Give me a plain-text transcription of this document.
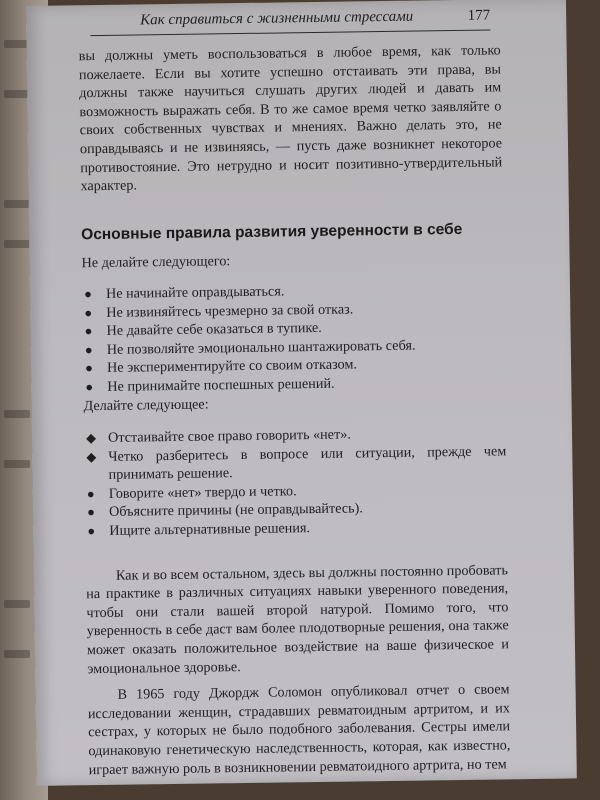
Как справиться с жизненными стрессами	177

вы должны уметь воспользоваться в любое время, как только пожелаете. Если вы хотите успешно отстаивать эти права, вы должны также научиться слушать других людей и давать им возможность выражать себя. В то же самое время четко заявляйте о своих собственных чувствах и мнениях. Важно делать это, не оправдываясь и не извиняясь, — пусть даже возникнет некоторое противостояние. Это нетрудно и носит позитивно-утвердительный характер.

Основные правила развития уверенности в себе

Не делайте следующего:

● Не начинайте оправдываться.
● Не извиняйтесь чрезмерно за свой отказ.
● Не давайте себе оказаться в тупике.
● Не позволяйте эмоционально шантажировать себя.
● Не экспериментируйте со своим отказом.
● Не принимайте поспешных решений.

Делайте следующее:

◆ Отстаивайте свое право говорить «нет».
◆ Четко разберитесь в вопросе или ситуации, прежде чем принимать решение.
● Говорите «нет» твердо и четко.
● Объясните причины (не оправдывайтесь).
● Ищите альтернативные решения.

Как и во всем остальном, здесь вы должны постоянно пробовать на практике в различных ситуациях навыки уверенного поведения, чтобы они стали вашей второй натурой. Помимо того, что уверенность в себе даст вам более плодотворные решения, она также может оказать положительное воздействие на ваше физическое и эмоциональное здоровье.

В 1965 году Джордж Соломон опубликовал отчет о своем исследовании женщин, страдавших ревматоидным артритом, и их сестрах, у которых не было подобного заболевания. Сестры имели одинаковую генетическую наследственность, которая, как известно, играет важную роль в возникновении ревматоидного артрита, но тем
